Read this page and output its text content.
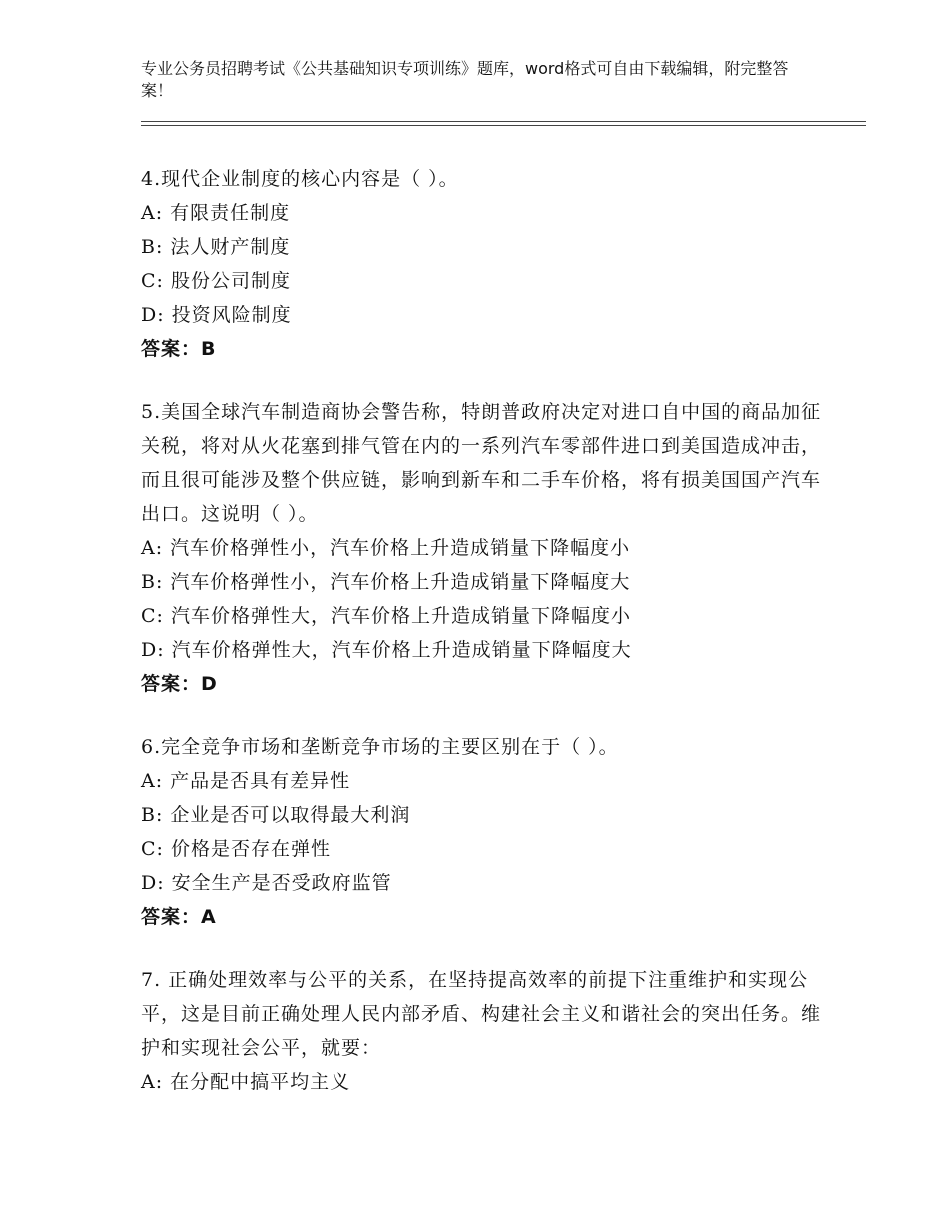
专业公务员招聘考试《公共基础知识专项训练》题库，word格式可自由下载编辑，附完整答案！
4.现代企业制度的核心内容是（ ）。
A: 有限责任制度
B: 法人财产制度
C: 股份公司制度
D: 投资风险制度
答案：B
5.美国全球汽车制造商协会警告称，特朗普政府决定对进口自中国的商品加征关税，将对从火花塞到排气管在内的一系列汽车零部件进口到美国造成冲击，而且很可能涉及整个供应链，影响到新车和二手车价格，将有损美国国产汽车出口。这说明（ ）。
A: 汽车价格弹性小，汽车价格上升造成销量下降幅度小
B: 汽车价格弹性小，汽车价格上升造成销量下降幅度大
C: 汽车价格弹性大，汽车价格上升造成销量下降幅度小
D: 汽车价格弹性大，汽车价格上升造成销量下降幅度大
答案：D
6.完全竞争市场和垄断竞争市场的主要区别在于（ ）。
A: 产品是否具有差异性
B: 企业是否可以取得最大利润
C: 价格是否存在弹性
D: 安全生产是否受政府监管
答案：A
7. 正确处理效率与公平的关系，在坚持提高效率的前提下注重维护和实现公平，这是目前正确处理人民内部矛盾、构建社会主义和谐社会的突出任务。维护和实现社会公平，就要：
A: 在分配中搞平均主义
